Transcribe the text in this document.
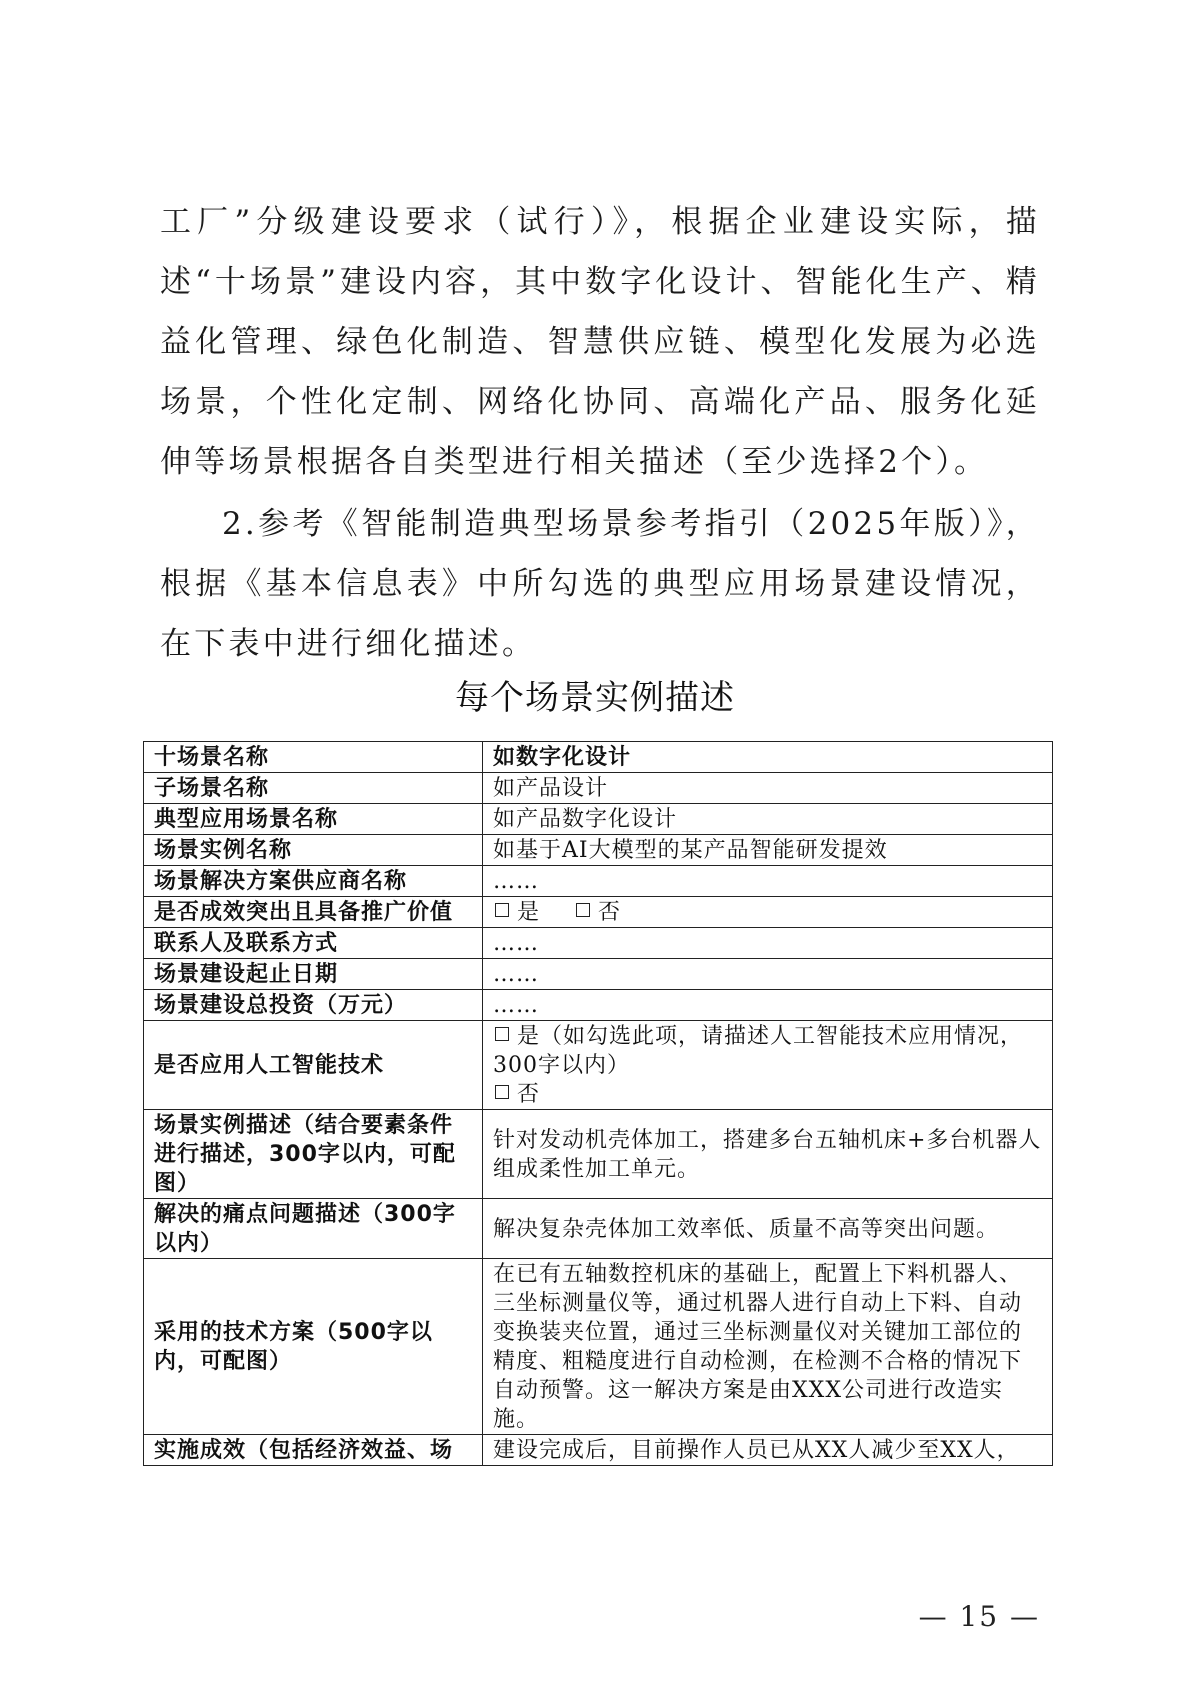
工厂”分级建设要求（试行）》，根据企业建设实际，描述“十场景”建设内容，其中数字化设计、智能化生产、精益化管理、绿色化制造、智慧供应链、模型化发展为必选场景，个性化定制、网络化协同、高端化产品、服务化延伸等场景根据各自类型进行相关描述（至少选择2个）。

2.参考《智能制造典型场景参考指引（2025年版）》，根据《基本信息表》中所勾选的典型应用场景建设情况，在下表中进行细化描述。

每个场景实例描述
十场景名称	如数字化设计
子场景名称	如产品设计
典型应用场景名称	如产品数字化设计
场景实例名称	如基于AI大模型的某产品智能研发提效
场景解决方案供应商名称	……
是否成效突出且具备推广价值	是 否
联系人及联系方式	……
场景建设起止日期	……
场景建设总投资（万元）	……
是否应用人工智能技术	是（如勾选此项，请描述人工智能技术应用情况，300字以内）
否

场景实例描述（结合要素条件进行描述，300字以内，可配图）	针对发动机壳体加工，搭建多台五轴机床+多台机器人组成柔性加工单元。
解决的痛点问题描述（300字以内）	解决复杂壳体加工效率低、质量不高等突出问题。
采用的技术方案（500字以内，可配图）	在已有五轴数控机床的基础上，配置上下料机器人、三坐标测量仪等，通过机器人进行自动上下料、自动变换装夹位置，通过三坐标测量仪对关键加工部位的精度、粗糙度进行自动检测，在检测不合格的情况下自动预警。这一解决方案是由XXX公司进行改造实施。
实施成效（包括经济效益、场	建设完成后，目前操作人员已从XX人减少至XX人，
— 15 —
